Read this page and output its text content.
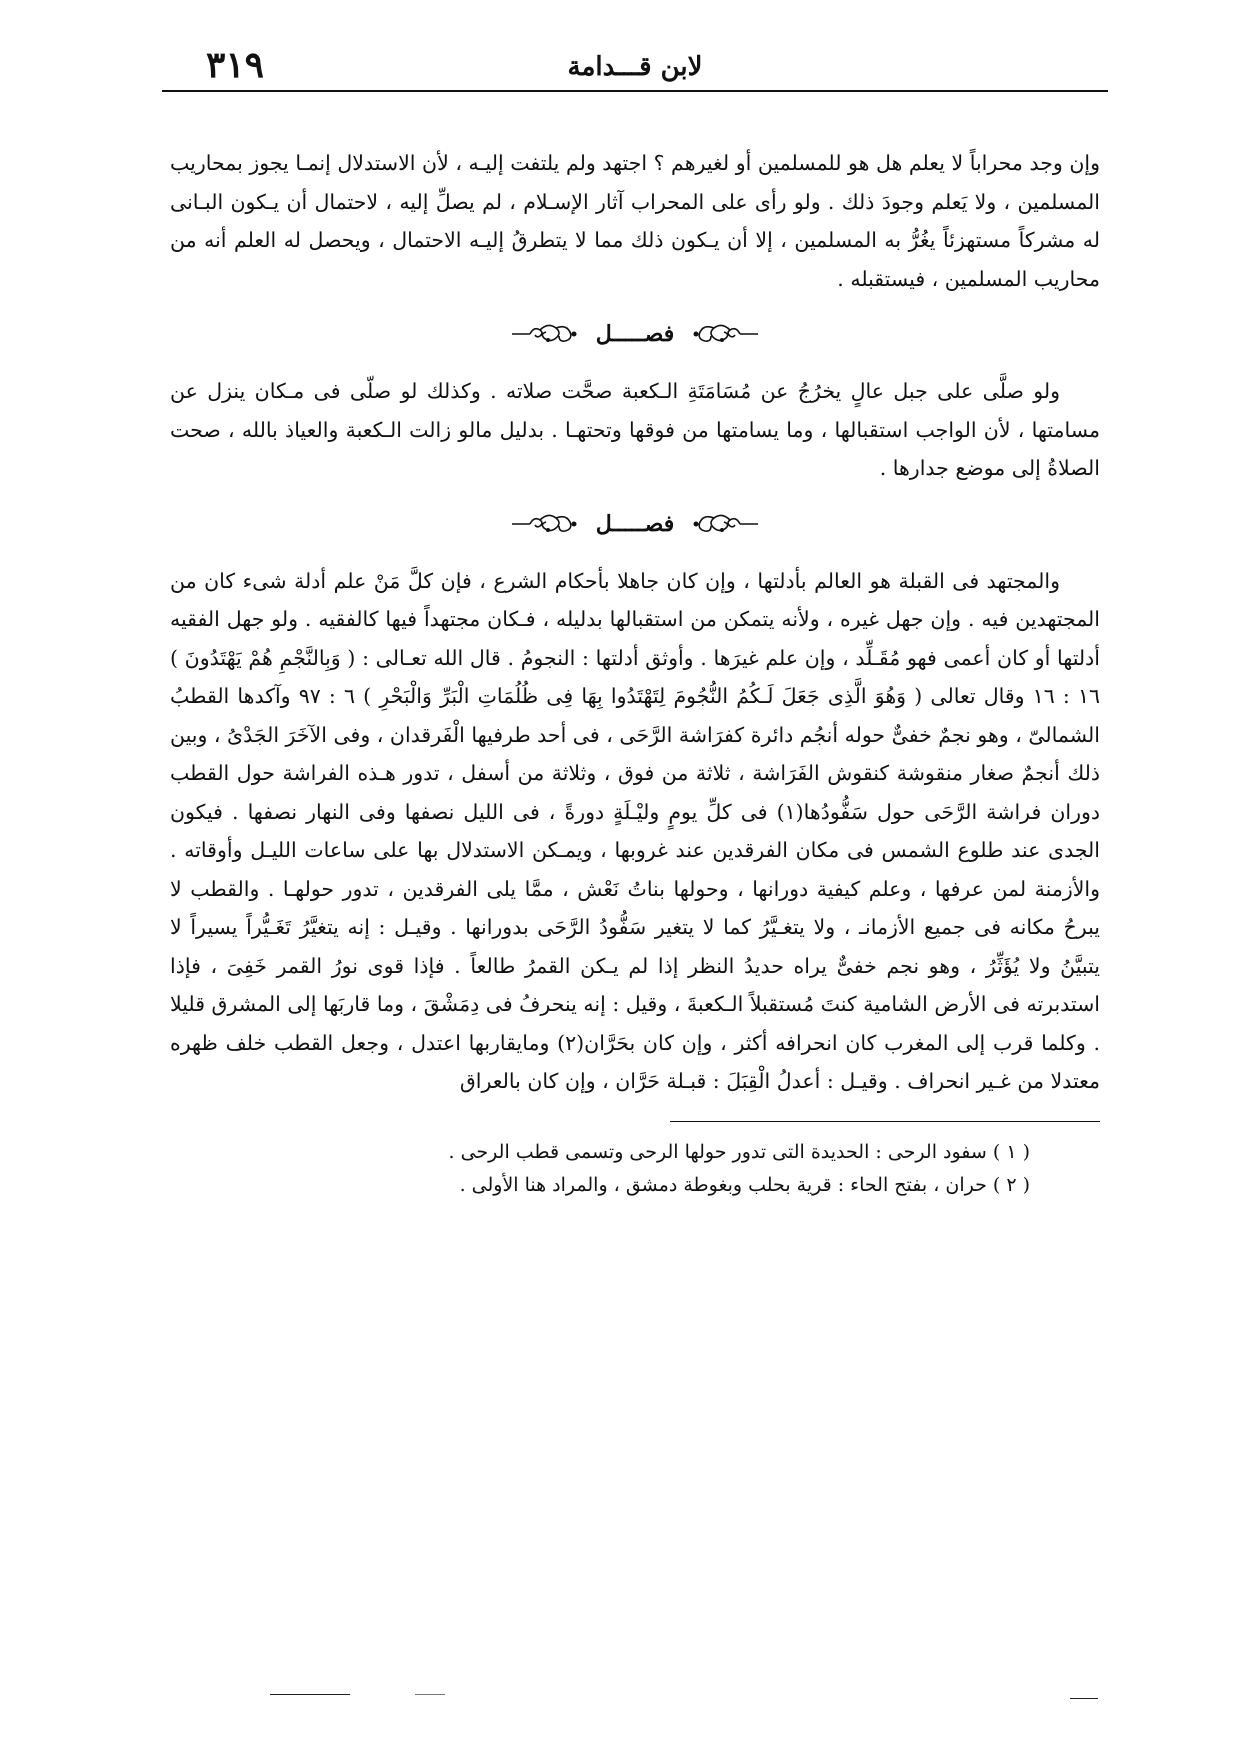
لابن قـــدامة
٣١٩

وإن وجد محراباً لا يعلم هل هو للمسلمين أو لغيرهم ؟ اجتهد ولم يلتفت إليـه ، لأن الاستدلال إنمـا يجوز بمحاريب المسلمين ، ولا يَعلم وجودَ ذلك . ولو رأى على المحراب آثار الإسـلام ، لم يصلِّ إليه ، لاحتمال أن يـكون البـانى له مشركاً مستهزئاً يغُرُّ به المسلمين ، إلا أن يـكون ذلك مما لا يتطرقُ إليـه الاحتمال ، ويحصل له العلم أنه من محاريب المسلمين ، فيستقبله .

فصـــــل

ولو صلَّى على جبل عالٍ يخرُجُ عن مُسَامَتَةِ الـكعبة صحَّت صلاته . وكذلك لو صلّى فى مـكان ينزل عن مسامتها ، لأن الواجب استقبالها ، وما يسامتها من فوقها وتحتهـا . بدليل مالو زالت الـكعبة والعياذ بالله ، صحت الصلاةُ إلى موضع جدارها .

فصـــــل

والمجتهد فى القبلة هو العالم بأدلتها ، وإن كان جاهلا بأحكام الشرع ، فإن كلَّ مَنْ علم أدلة شىء كان من المجتهدين فيه . وإن جهل غيره ، ولأنه يتمكن من استقبالها بدليله ، فـكان مجتهداً فيها كالفقيه . ولو جهل الفقيه أدلتها أو كان أعمى فهو مُقَـلِّد ، وإن علم غيرَها . وأوثق أدلتها : النجومُ . قال الله تعـالى : ( وَبِالنَّجْمِ هُمْ يَهْتَدُونَ ) ١٦ : ١٦ وقال تعالى ( وَهُوَ الَّذِى جَعَلَ لَـكُمُ النُّجُومَ لِتَهْتَدُوا بِهَا فِى ظُلُمَاتِ الْبَرِّ وَالْبَحْرِ ) ٦ : ٩٧ وآكدها القطبُ الشمالىّ ، وهو نجمٌ خفىٌّ حوله أنجُم دائرة كفرَاشة الرَّحَى ، فى أحد طرفيها الْفَرقدان ، وفى الآخَرَ الجَدْىُ ، وبين ذلك أنجمٌ صغار منقوشة كنقوش الفَرَاشة ، ثلاثة من فوق ، وثلاثة من أسفل ، تدور هـذه الفراشة حول القطب دوران فراشة الرَّحَى حول سَفُّودُها(١) فى كلِّ يومٍ وليْـلَةٍ دورةً ، فى الليل نصفها وفى النهار نصفها . فيكون الجدى عند طلوع الشمس فى مكان الفرقدين عند غروبها ، ويمـكن الاستدلال بها على ساعات الليـل وأوقاته . والأزمنة لمن عرفها ، وعلم كيفية دورانها ، وحولها بناتُ نَعْش ، ممَّا يلى الفرقدين ، تدور حولهـا . والقطب لا يبرحُ مكانه فى جميع الأزمانـ ، ولا يتغـيَّرُ كما لا يتغير سَفُّودُ الرَّحَى بدورانها . وقيـل : إنه يتغيَّرُ تَغَـيُّراً يسيراً لا يتبيَّنُ ولا يُؤَثِّرُ ، وهو نجم خفىٌّ يراه حديدُ النظر إذا لم يـكن القمرُ طالعاً . فإذا قوى نورُ القمر خَفِىَ ، فإذا استدبرته فى الأرض الشامية كنتَ مُستقبلاً الـكعبةَ ، وقيل : إنه ينحرفُ فى دِمَشْقَ ، وما قاربَها إلى المشرق قليلا . وكلما قرب إلى المغرب كان انحرافه أكثر ، وإن كان بحَرَّان(٢) ومايقاربها اعتدل ، وجعل القطب خلف ظهره معتدلا من غـير انحراف . وقيـل : أعدلُ الْقِبَلَ : قبـلة حَرَّان ، وإن كان بالعراق

( ١ ) سفود الرحى : الحديدة التى تدور حولها الرحى وتسمى قطب الرحى .

( ٢ ) حران ، بفتح الحاء : قرية بحلب وبغوطة دمشق ، والمراد هنا الأولى .
